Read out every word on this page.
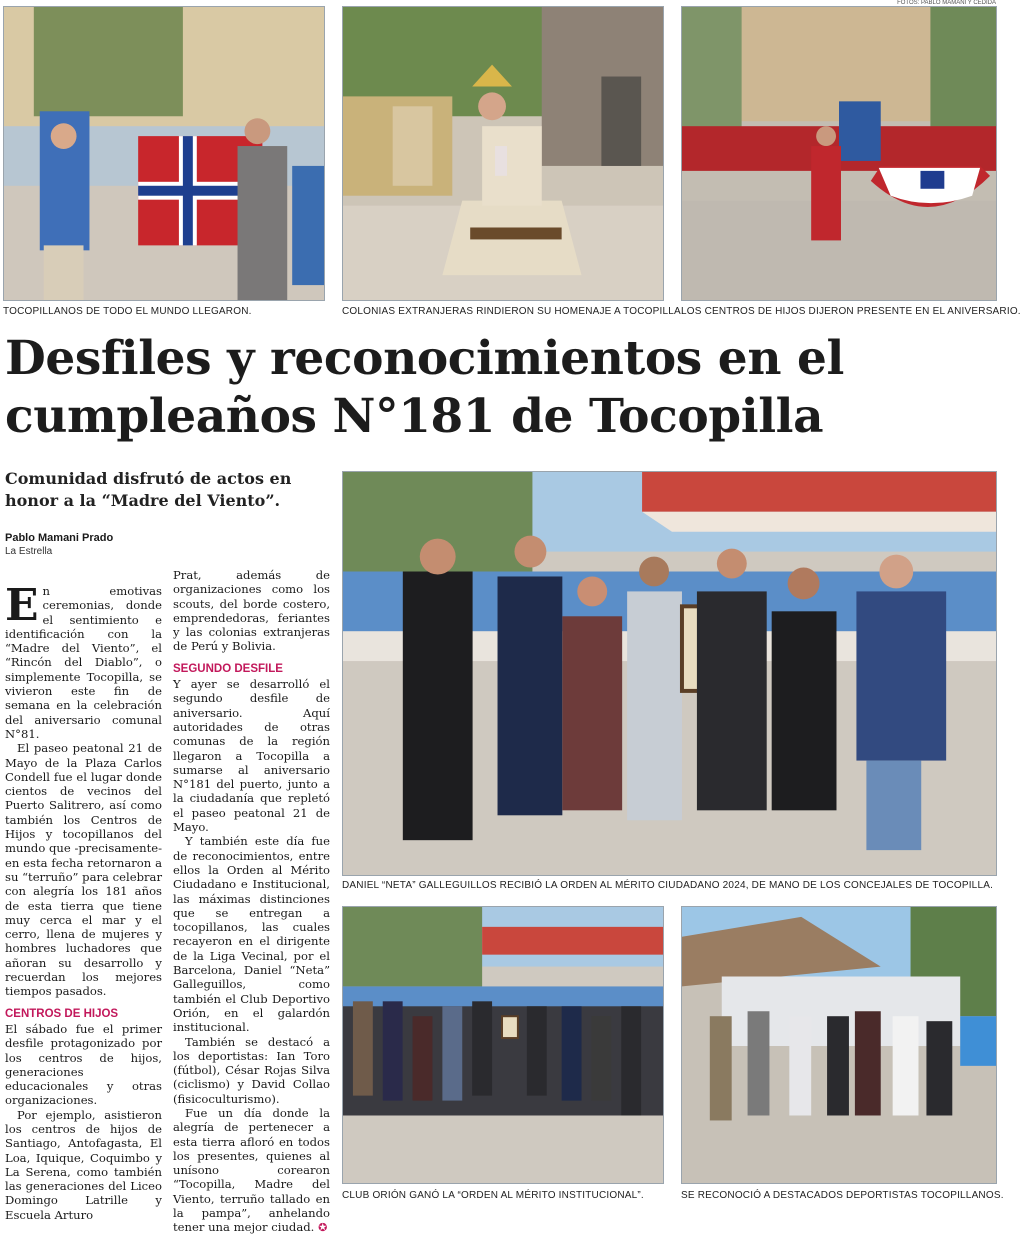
FOTOS: PABLO MAMANI Y CEDIDA
TOCOPILLANOS DE TODO EL MUNDO LLEGARON.	COLONIAS EXTRANJERAS RINDIERON SU HOMENAJE A TOCOPILLA.
LOS CENTROS DE HIJOS DIJERON PRESENTE EN EL ANIVERSARIO.
Desfiles y reconocimientos en el cumpleaños N°181 de Tocopilla
Comunidad disfrutó de actos en honor a la “Madre del Viento”.
Pablo Mamani Prado
La Estrella

En emotivas ceremonias, donde el sentimiento e identificación con la “Madre del Viento”, el “Rincón del Diablo”, o simplemente Tocopilla, se vivieron este fin de semana en la celebración del aniversario comunal N°81.

El paseo peatonal 21 de Mayo de la Plaza Carlos Condell fue el lugar donde cientos de vecinos del Puerto Salitrero, así como también los Centros de Hijos y tocopillanos del mundo que -precisamente- en esta fecha retornaron a su “terruño” para celebrar con alegría los 181 años de esta tierra que tiene muy cerca el mar y el cerro, llena de mujeres y hombres luchadores que añoran su desarrollo y recuerdan los mejores tiempos pasados.

CENTROS DE HIJOS

El sábado fue el primer desfile protagonizado por los centros de hijos, generaciones educacionales y otras organizaciones.

Por ejemplo, asistieron los centros de hijos de Santiago, Antofagasta, El Loa, Iquique, Coquimbo y La Serena, como también las generaciones del Liceo Domingo Latrille y Escuela Arturo

Prat, además de organizaciones como los scouts, del borde costero, emprendedoras, feriantes y las colonias extranjeras de Perú y Bolivia.

SEGUNDO DESFILE

Y ayer se desarrolló el segundo desfile de aniversario. Aquí autoridades de otras comunas de la región llegaron a Tocopilla a sumarse al aniversario N°181 del puerto, junto a la ciudadanía que repletó el paseo peatonal 21 de Mayo.

Y también este día fue de reconocimientos, entre ellos la Orden al Mérito Ciudadano e Institucional, las máximas distinciones que se entregan a tocopillanos, las cuales recayeron en el dirigente de la Liga Vecinal, por el Barcelona, Daniel “Neta” Galleguillos, como también el Club Deportivo Orión, en el galardón institucional.

También se destacó a los deportistas: Ian Toro (fútbol), César Rojas Silva (ciclismo) y David Collao (fisicoculturismo).

Fue un día donde la alegría de pertenecer a esta tierra afloró en todos los presentes, quienes al unísono corearon “Tocopilla, Madre del Viento, terruño tallado en la pampa”, anhelando tener una mejor ciudad. ✪

DANIEL “NETA” GALLEGUILLOS RECIBIÓ LA ORDEN AL MÉRITO CIUDADANO 2024, DE MANO DE LOS CONCEJALES DE TOCOPILLA.
CLUB ORIÓN GANÓ LA “ORDEN AL MÉRITO INSTITUCIONAL”.	SE RECONOCIÓ A DESTACADOS DEPORTISTAS TOCOPILLANOS.
